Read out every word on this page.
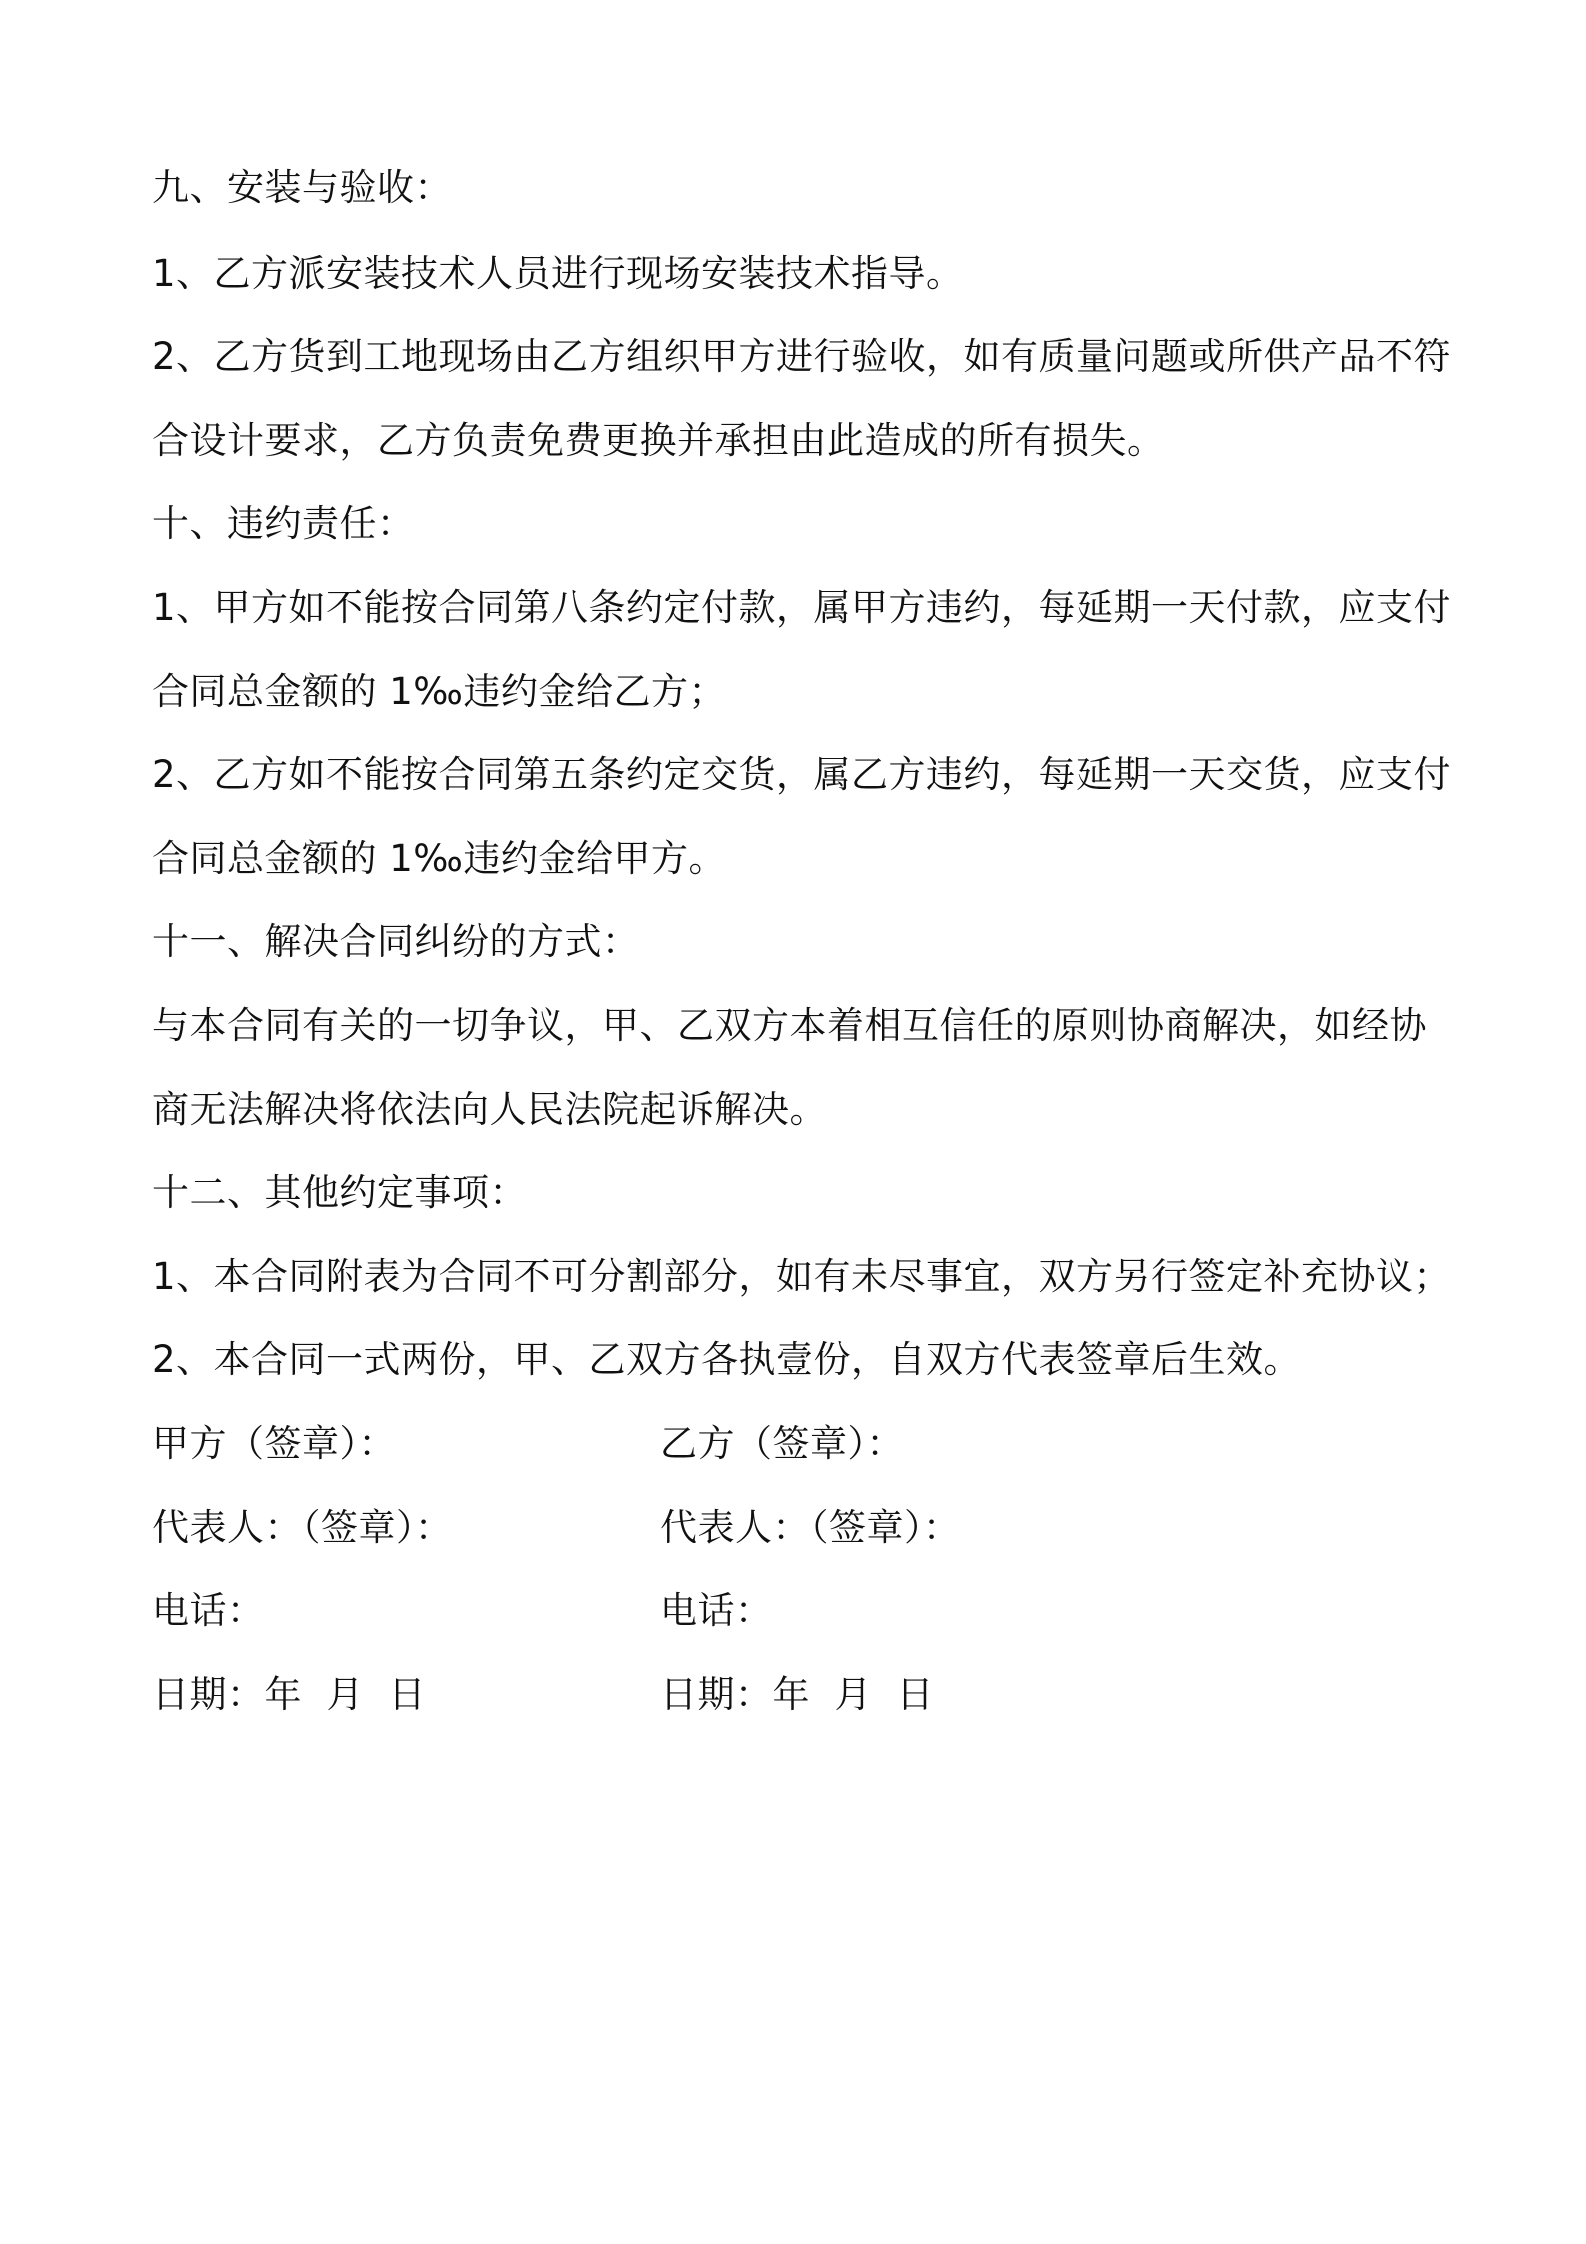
九、安装与验收：
1、乙方派安装技术人员进行现场安装技术指导。
2、乙方货到工地现场由乙方组织甲方进行验收，如有质量问题或所供产品不符
合设计要求，乙方负责免费更换并承担由此造成的所有损失。
十、违约责任：
1、甲方如不能按合同第八条约定付款，属甲方违约，每延期一天付款，应支付
合同总金额的 1‰违约金给乙方；
2、乙方如不能按合同第五条约定交货，属乙方违约，每延期一天交货，应支付
合同总金额的 1‰违约金给甲方。
十一、解决合同纠纷的方式：
与本合同有关的一切争议，甲、乙双方本着相互信任的原则协商解决，如经协
商无法解决将依法向人民法院起诉解决。
十二、其他约定事项：
1、本合同附表为合同不可分割部分，如有未尽事宜，双方另行签定补充协议；
2、本合同一式两份，甲、乙双方各执壹份，自双方代表签章后生效。
甲方（签章）：	乙方（签章）：
代表人：（签章）：	代表人：（签章）：
电话：	电话：
日期：年  月  日	日期：年  月  日
